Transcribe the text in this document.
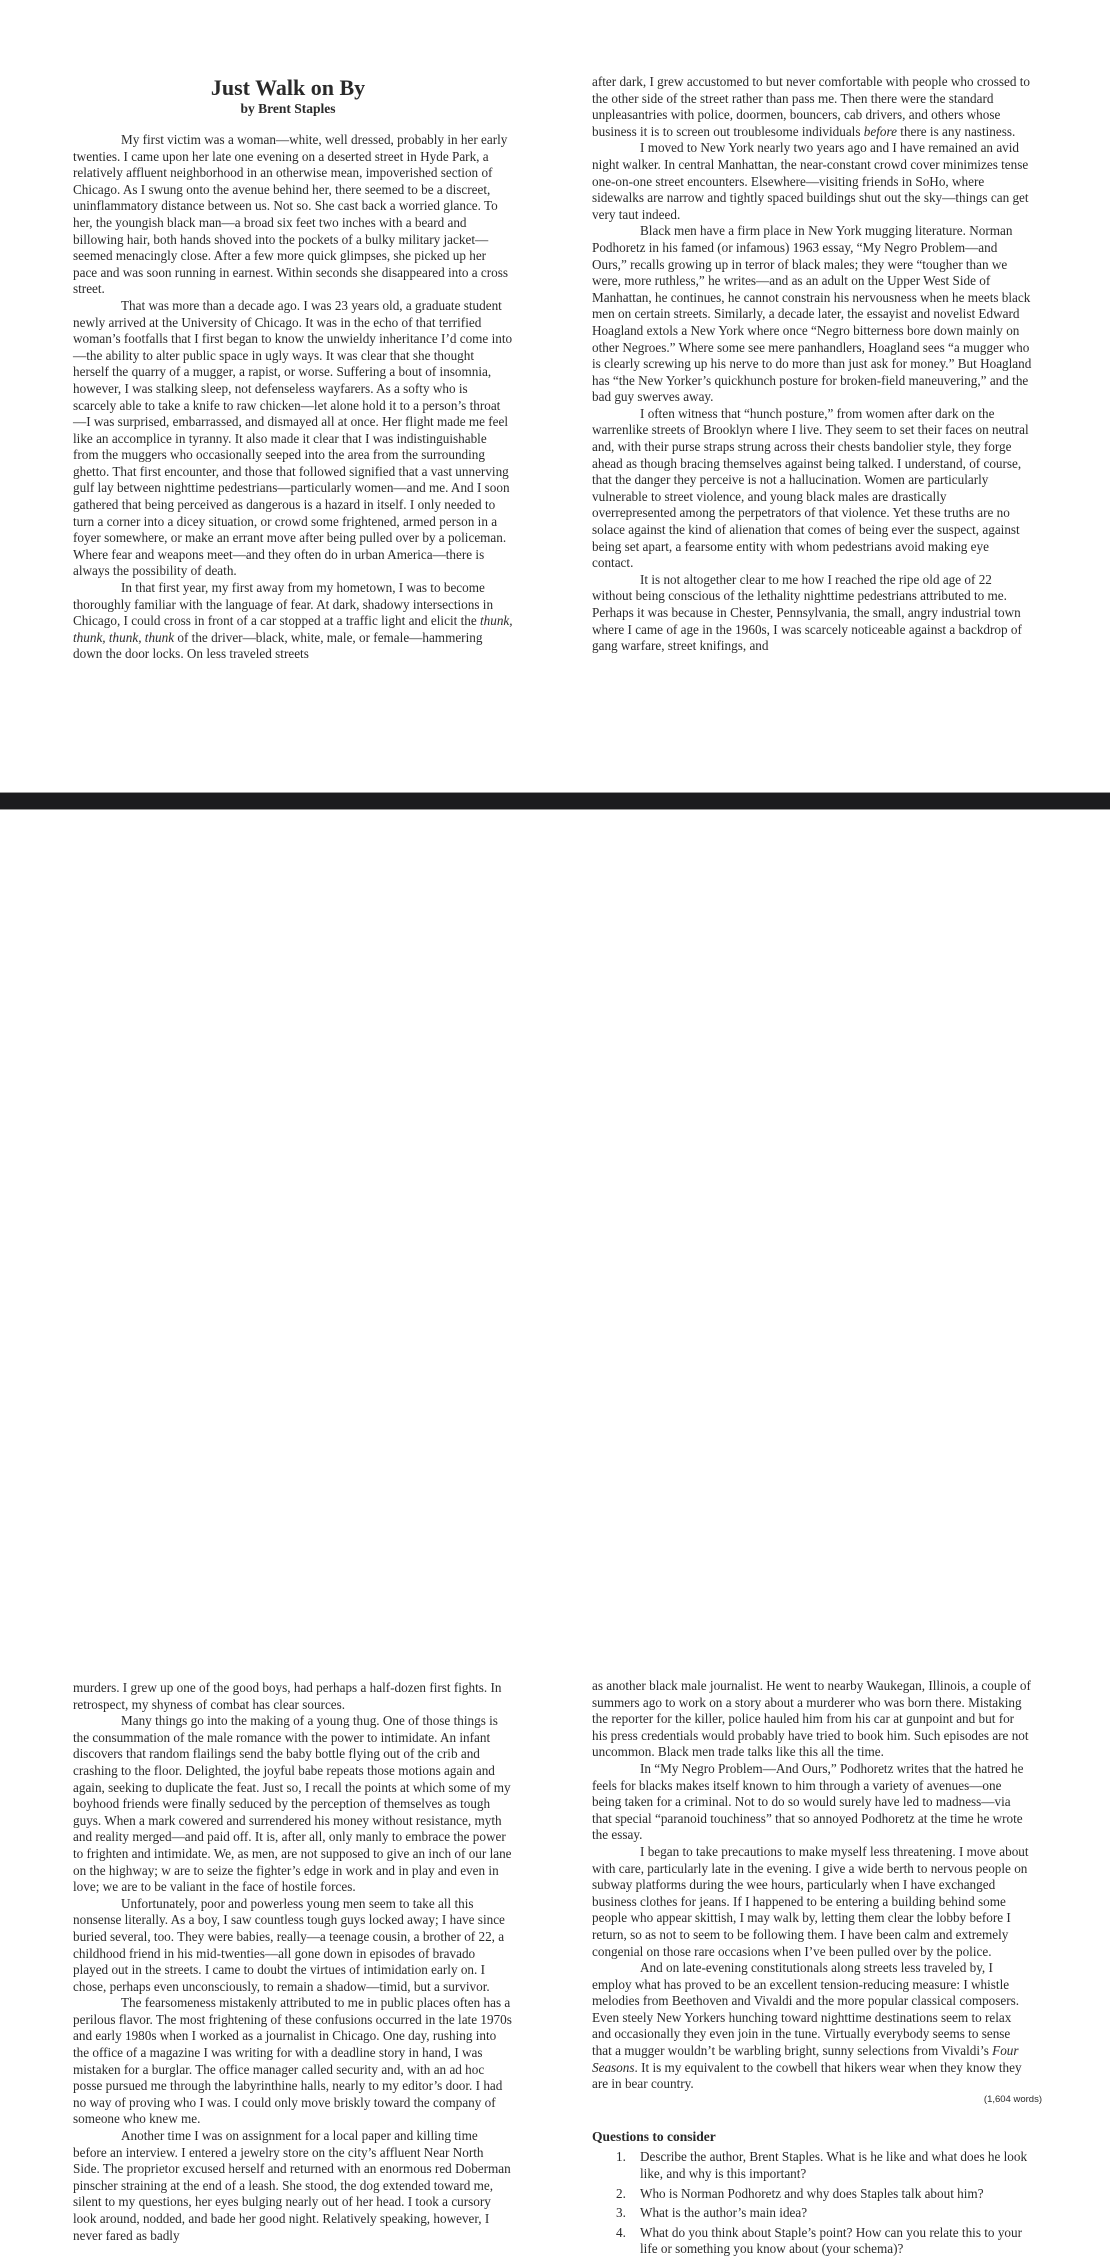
Just Walk on By
by Brent Staples

My first victim was a woman—white, well dressed, probably in her early twenties. I came upon her late one evening on a deserted street in Hyde Park, a relatively affluent neighborhood in an otherwise mean, impoverished section of Chicago. As I swung onto the avenue behind her, there seemed to be a discreet, uninflammatory distance between us. Not so. She cast back a worried glance. To her, the youngish black man—a broad six feet two inches with a beard and billowing hair, both hands shoved into the pockets of a bulky military jacket—seemed menacingly close. After a few more quick glimpses, she picked up her pace and was soon running in earnest. Within seconds she disappeared into a cross street.

That was more than a decade ago. I was 23 years old, a graduate student newly arrived at the University of Chicago. It was in the echo of that terrified woman’s footfalls that I first began to know the unwieldy inheritance I’d come into—the ability to alter public space in ugly ways. It was clear that she thought herself the quarry of a mugger, a rapist, or worse. Suffering a bout of insomnia, however, I was stalking sleep, not defenseless wayfarers. As a softy who is scarcely able to take a knife to raw chicken—let alone hold it to a person’s throat—I was surprised, embarrassed, and dismayed all at once. Her flight made me feel like an accomplice in tyranny. It also made it clear that I was indistinguishable from the muggers who occasionally seeped into the area from the surrounding ghetto. That first encounter, and those that followed signified that a vast unnerving gulf lay between nighttime pedestrians—particularly women—and me. And I soon gathered that being perceived as dangerous is a hazard in itself. I only needed to turn a corner into a dicey situation, or crowd some frightened, armed person in a foyer somewhere, or make an errant move after being pulled over by a policeman. Where fear and weapons meet—and they often do in urban America—there is always the possibility of death.

In that first year, my first away from my hometown, I was to become thoroughly familiar with the language of fear. At dark, shadowy intersections in Chicago, I could cross in front of a car stopped at a traffic light and elicit the thunk, thunk, thunk, thunk of the driver—black, white, male, or female—hammering down the door locks. On less traveled streets

after dark, I grew accustomed to but never comfortable with people who crossed to the other side of the street rather than pass me. Then there were the standard unpleasantries with police, doormen, bouncers, cab drivers, and others whose business it is to screen out troublesome individuals before there is any nastiness.

I moved to New York nearly two years ago and I have remained an avid night walker. In central Manhattan, the near-constant crowd cover minimizes tense one-on-one street encounters. Elsewhere—visiting friends in SoHo, where sidewalks are narrow and tightly spaced buildings shut out the sky—things can get very taut indeed.

Black men have a firm place in New York mugging literature. Norman Podhoretz in his famed (or infamous) 1963 essay, “My Negro Problem—and Ours,” recalls growing up in terror of black males; they were “tougher than we were, more ruthless,” he writes—and as an adult on the Upper West Side of Manhattan, he continues, he cannot constrain his nervousness when he meets black men on certain streets. Similarly, a decade later, the essayist and novelist Edward Hoagland extols a New York where once “Negro bitterness bore down mainly on other Negroes.” Where some see mere panhandlers, Hoagland sees “a mugger who is clearly screwing up his nerve to do more than just ask for money.” But Hoagland has “the New Yorker’s quickhunch posture for broken-field maneuvering,” and the bad guy swerves away.

I often witness that “hunch posture,” from women after dark on the warrenlike streets of Brooklyn where I live. They seem to set their faces on neutral and, with their purse straps strung across their chests bandolier style, they forge ahead as though bracing themselves against being talked. I understand, of course, that the danger they perceive is not a hallucination. Women are particularly vulnerable to street violence, and young black males are drastically overrepresented among the perpetrators of that violence. Yet these truths are no solace against the kind of alienation that comes of being ever the suspect, against being set apart, a fearsome entity with whom pedestrians avoid making eye contact.

It is not altogether clear to me how I reached the ripe old age of 22 without being conscious of the lethality nighttime pedestrians attributed to me. Perhaps it was because in Chester, Pennsylvania, the small, angry industrial town where I came of age in the 1960s, I was scarcely noticeable against a backdrop of gang warfare, street knifings, and

murders. I grew up one of the good boys, had perhaps a half-dozen first fights. In retrospect, my shyness of combat has clear sources.

Many things go into the making of a young thug. One of those things is the consummation of the male romance with the power to intimidate. An infant discovers that random flailings send the baby bottle flying out of the crib and crashing to the floor. Delighted, the joyful babe repeats those motions again and again, seeking to duplicate the feat. Just so, I recall the points at which some of my boyhood friends were finally seduced by the perception of themselves as tough guys. When a mark cowered and surrendered his money without resistance, myth and reality merged—and paid off. It is, after all, only manly to embrace the power to frighten and intimidate. We, as men, are not supposed to give an inch of our lane on the highway; w are to seize the fighter’s edge in work and in play and even in love; we are to be valiant in the face of hostile forces.

Unfortunately, poor and powerless young men seem to take all this nonsense literally. As a boy, I saw countless tough guys locked away; I have since buried several, too. They were babies, really—a teenage cousin, a brother of 22, a childhood friend in his mid-twenties—all gone down in episodes of bravado played out in the streets. I came to doubt the virtues of intimidation early on. I chose, perhaps even unconsciously, to remain a shadow—timid, but a survivor.

The fearsomeness mistakenly attributed to me in public places often has a perilous flavor. The most frightening of these confusions occurred in the late 1970s and early 1980s when I worked as a journalist in Chicago. One day, rushing into the office of a magazine I was writing for with a deadline story in hand, I was mistaken for a burglar. The office manager called security and, with an ad hoc posse pursued me through the labyrinthine halls, nearly to my editor’s door. I had no way of proving who I was. I could only move briskly toward the company of someone who knew me.

Another time I was on assignment for a local paper and killing time before an interview. I entered a jewelry store on the city’s affluent Near North Side. The proprietor excused herself and returned with an enormous red Doberman pinscher straining at the end of a leash. She stood, the dog extended toward me, silent to my questions, her eyes bulging nearly out of her head. I took a cursory look around, nodded, and bade her good night. Relatively speaking, however, I never fared as badly

as another black male journalist. He went to nearby Waukegan, Illinois, a couple of summers ago to work on a story about a murderer who was born there. Mistaking the reporter for the killer, police hauled him from his car at gunpoint and but for his press credentials would probably have tried to book him. Such episodes are not uncommon. Black men trade talks like this all the time.

In “My Negro Problem—And Ours,” Podhoretz writes that the hatred he feels for blacks makes itself known to him through a variety of avenues—one being taken for a criminal. Not to do so would surely have led to madness—via that special “paranoid touchiness” that so annoyed Podhoretz at the time he wrote the essay.

I began to take precautions to make myself less threatening. I move about with care, particularly late in the evening. I give a wide berth to nervous people on subway platforms during the wee hours, particularly when I have exchanged business clothes for jeans. If I happened to be entering a building behind some people who appear skittish, I may walk by, letting them clear the lobby before I return, so as not to seem to be following them. I have been calm and extremely congenial on those rare occasions when I’ve been pulled over by the police.

And on late-evening constitutionals along streets less traveled by, I employ what has proved to be an excellent tension-reducing measure: I whistle melodies from Beethoven and Vivaldi and the more popular classical composers. Even steely New Yorkers hunching toward nighttime destinations seem to relax and occasionally they even join in the tune. Virtually everybody seems to sense that a mugger wouldn’t be warbling bright, sunny selections from Vivaldi’s Four Seasons. It is my equivalent to the cowbell that hikers wear when they know they are in bear country.

(1,604 words)
Questions to consider
1. Describe the author, Brent Staples. What is he like and what does he look like, and why is this important?
2. Who is Norman Podhoretz and why does Staples talk about him?
3. What is the author’s main idea?
4. What do you think about Staple’s point? How can you relate this to your life or something you know about (your schema)?
